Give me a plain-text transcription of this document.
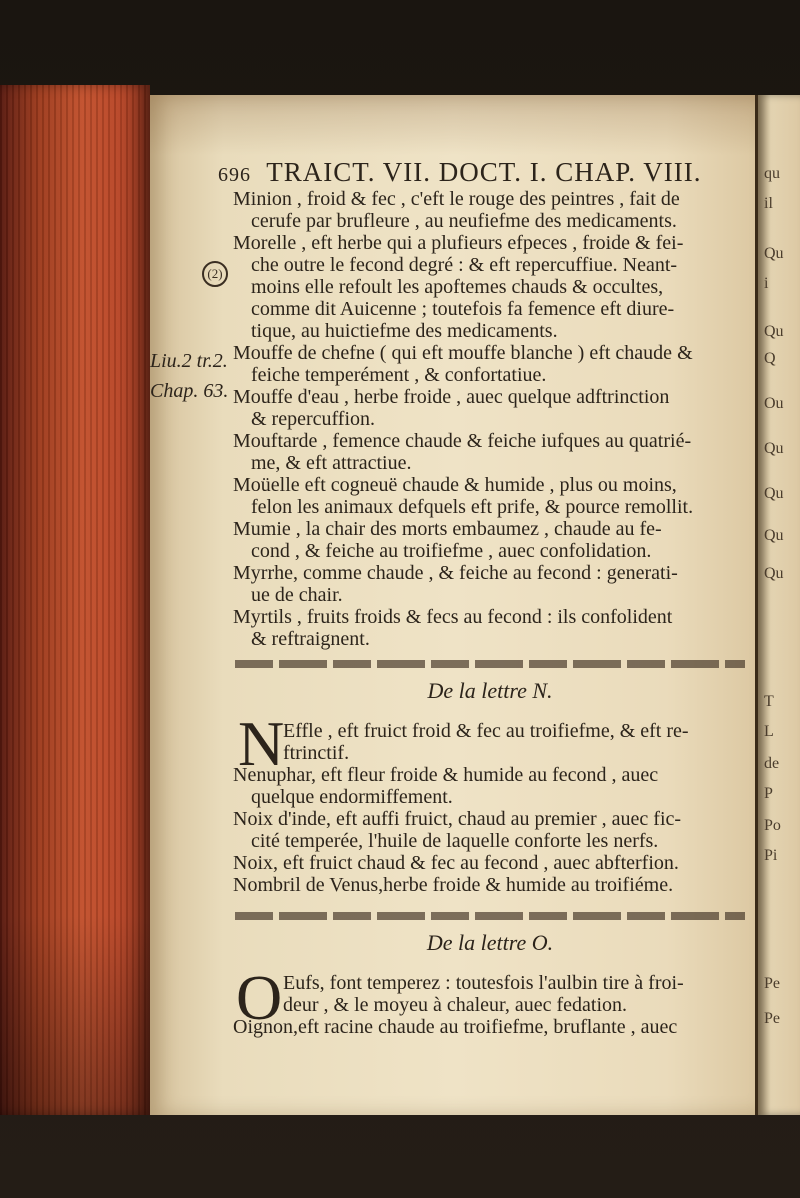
qu
il
Qu
i
Qu
Q
Ou
Qu
Qu
Qu
Qu
T
L
de
P
Po
Pi
Pe
Pe
696 TRAICT. VII. DOCT. I. CHAP. VIII.
Liu.2 tr.2.
Chap. 63.
(2)
Minion , froid & fec , c'eft le rouge des peintres , fait de
cerufe par brufleure , au neufiefme des medicaments.
Morelle , eft herbe qui a plufieurs efpeces , froide & fei-
che outre le fecond degré : & eft repercuffiue. Neant-
moins elle refoult les apoftemes chauds & occultes,
comme dit Auicenne ; toutefois fa femence eft diure-
tique, au huictiefme des medicaments.
Mouffe de chefne ( qui eft mouffe blanche ) eft chaude &
feiche temperément , & confortatiue.
Mouffe d'eau , herbe froide , auec quelque adftrinction
& repercuffion.
Mouftarde , femence chaude & feiche iufques au quatrié-
me, & eft attractiue.
Moüelle eft cogneuë chaude & humide , plus ou moins,
felon les animaux defquels eft prife, & pource remollit.
Mumie , la chair des morts embaumez , chaude au fe-
cond , & feiche au troifiefme , auec confolidation.
Myrrhe, comme chaude , & feiche au fecond : generati-
ue de chair.
Myrtils , fruits froids & fecs au fecond : ils confolident
& reftraignent.
De la lettre N.
N
Effle , eft fruict froid & fec au troifiefme, & eft re-
ftrinctif.
Nenuphar, eft fleur froide & humide au fecond , auec
quelque endormiffement.
Noix d'inde, eft auffi fruict, chaud au premier , auec fic-
cité temperée, l'huile de laquelle conforte les nerfs.
Noix, eft fruict chaud & fec au fecond , auec abfterfion.
Nombril de Venus,herbe froide & humide au troifiéme.
De la lettre O.
O Eufs, font temperez : toutesfois l'aulbin tire à froi-
deur , & le moyeu à chaleur, auec fedation.
Oignon,eft racine chaude au troifiefme, bruflante , auec
